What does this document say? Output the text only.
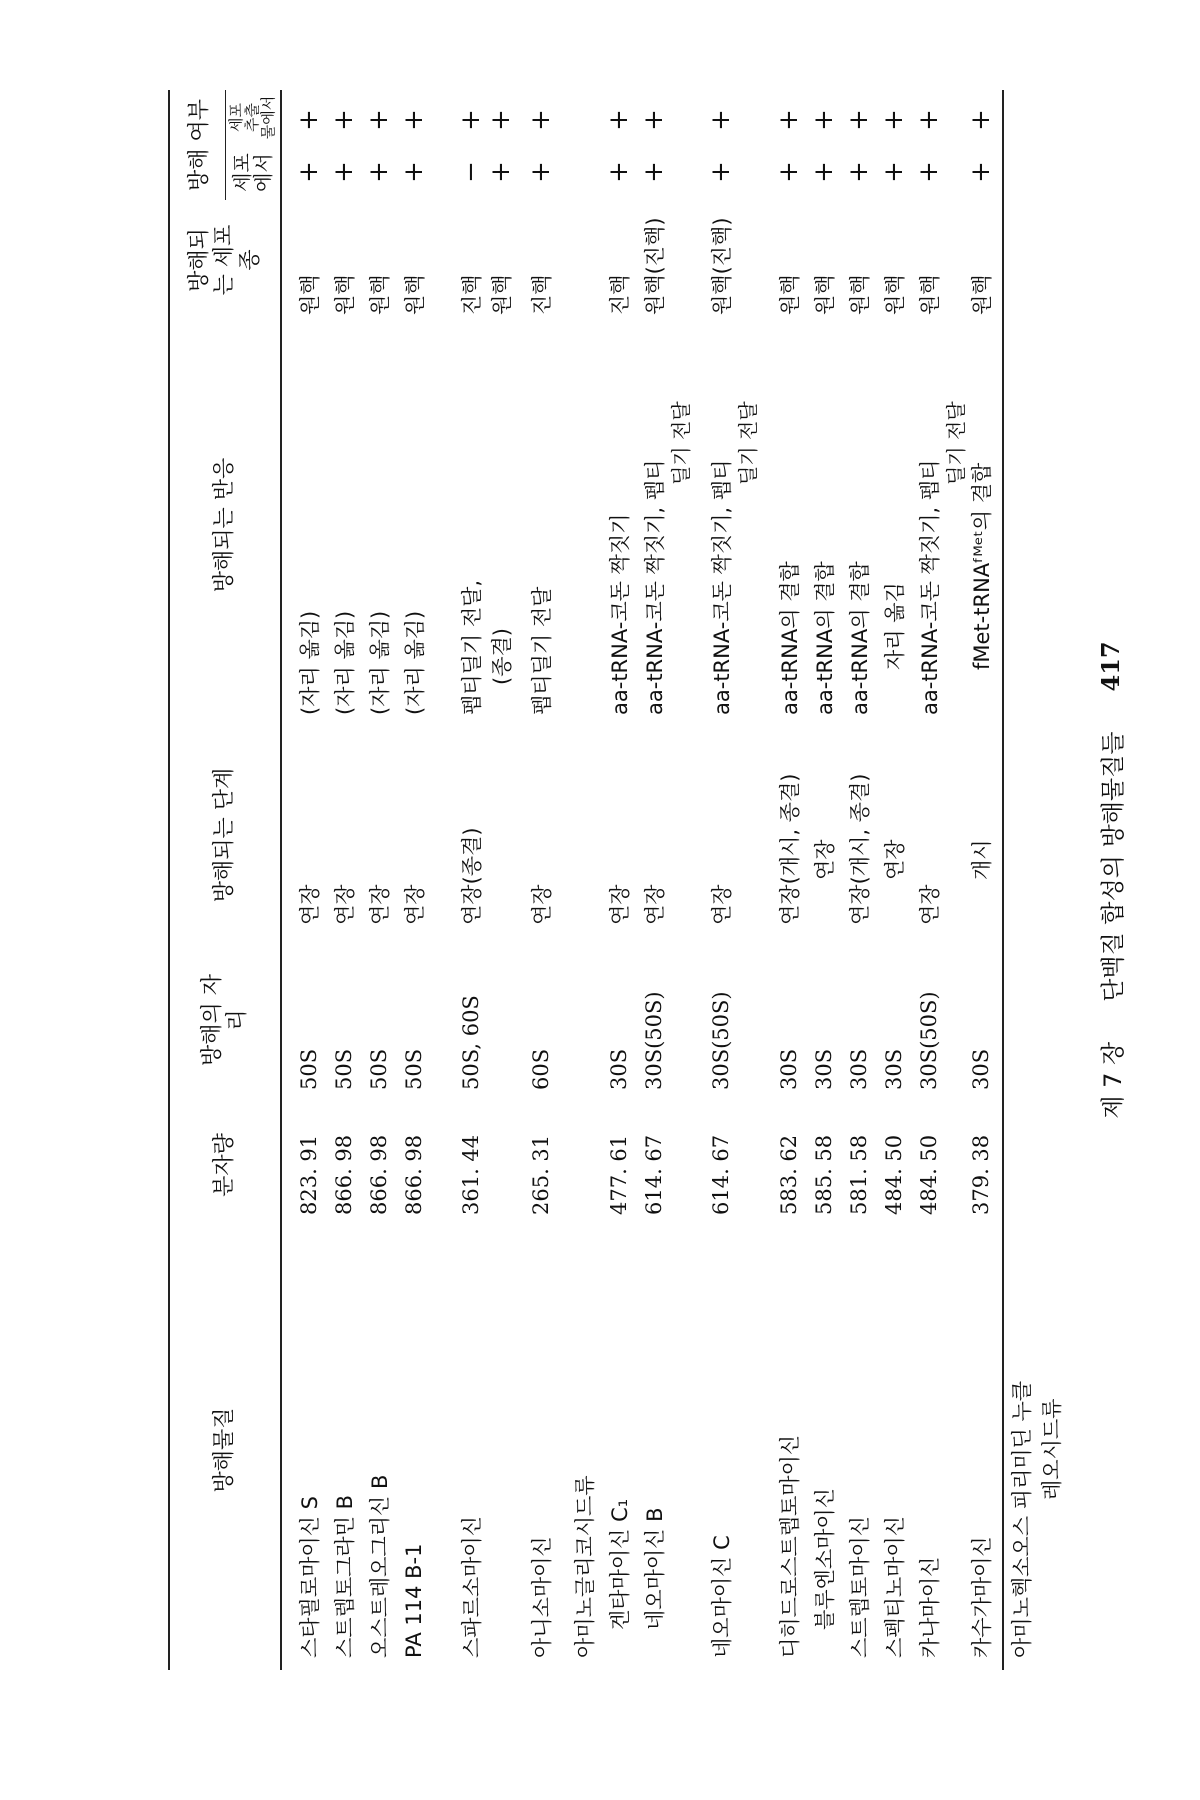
방해물질
분자량
방해의 자 리
방해되는 단계
방해되는 반응
방해되는 세포종
방해 여부 세포 에서
세포 추출 물에서
스타필로마이신 S
823. 91
50S
연장
(자리 옮김)
원핵
+
+
스트렙토그라민 B
866. 98
50S
연장
(자리 옮김)
원핵
+
+
오스트레오그리신 B
866. 98
50S
연장
(자리 옮김)
원핵
+
+
PA 114 B-1
866. 98
50S
연장
(자리 옮김)
원핵
+
+
스파르소마이신
361. 44
50S, 60S
연장(종결)
펩티딜기 전달,
진핵
−
+
(종결)
원핵
+
+
아니소마이신
265. 31
60S
연장
펩티딜기 전달
진핵
+
+
아미노글리코시드류 겐타마이신 C₁
477. 61
30S
연장
aa-tRNA-코돈 짝짓기
진핵
+
+
네오마이신 B
614. 67
30S(50S)
연장
aa-tRNA-코돈 짝짓기, 펩티
원핵(진핵)
+
+
딜기 전달
네오마이신 C
614. 67
30S(50S)
연장
aa-tRNA-코돈 짝짓기, 펩티
원핵(진핵)
+
+
딜기 전달
디히드로스트렙토마이신
583. 62
30S
연장(개시, 종결)
aa-tRNA의 결합
원핵
+
+
블루엔소마이신
585. 58
30S
연장
aa-tRNA의 결합
원핵
+
+
스트렙토마이신
581. 58
30S
연장(개시, 종결)
aa-tRNA의 결합
원핵
+
+
스펙티노마이신
484. 50
30S
연장
자리 옮김
원핵
+
+
카나마이신
484. 50
30S(50S)
연장
aa-tRNA-코돈 짝짓기, 펩티
원핵
+
+
딜기 전달
카수가마이신
379. 38
30S
개시
fMet-tRNAᶠᴹᵉᵗ의 결합
원핵
+
+
아미노헥소오스 피리미딘 누클 레오시드류
제 7 장
단백질 합성의 방해물질들
417
